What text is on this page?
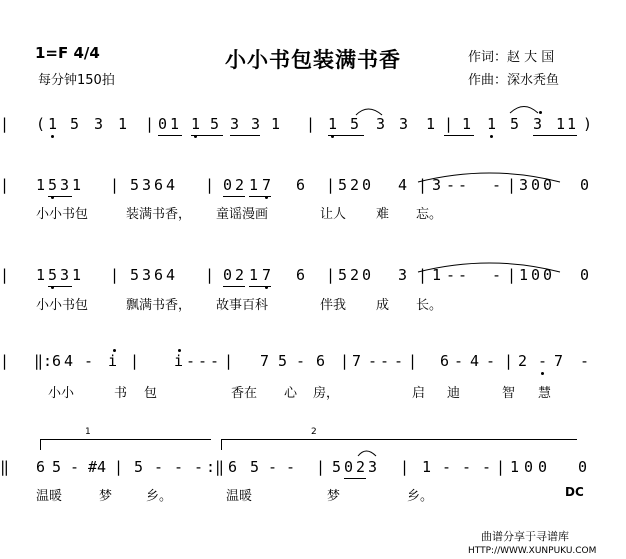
小小书包装满书香
1=F 4/4
每分钟150拍
作词：赵 大 国
作曲：深水秃鱼
( 1 5 3 1 | 0 1 1 5 3 3 1 | 1 5 3 3 1 | 1 1 5 3 1 1 )
|
1 5 3 1 | 5 3 6 4 | 0 2 1 7 6 | 5 2 0 4 | 3 - - - | 3 0 0 0
|
小小书包	装满书香， 童谣漫画	让人 难 忘。
1 5 3 1 | 5 3 6 4 | 0 2 1 7 6 | 5 2 0 3 | 1 - - - | 1 0 0 0
|
小小书包	飘满书香， 故事百科	伴我 成 长。
‖: 6 4 - i | i - - - | 7 5 - 6 | 7 - - - | 6 - 4 - | 2 - 7 -
|
小小	书 包	香在 心 房，	启 迪	智 慧
1	2
6 5 - #4 | 5 - - - :‖ 6 5 - - | 5 0 2 3 | 1 - - - | 1 0 0 0
‖
温暖	梦	乡。	温暖	梦	乡。	DC
曲谱分享于寻谱库
HTTP://WWW.XUNPUKU.COM
